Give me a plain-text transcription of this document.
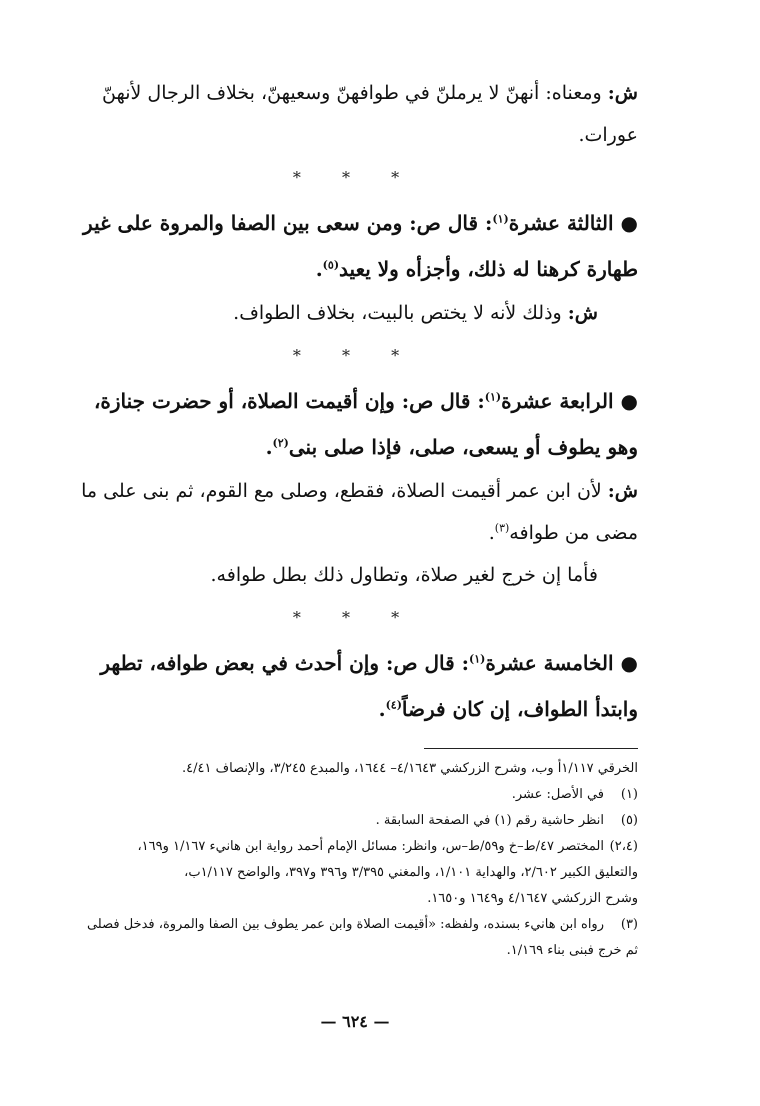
ش: ومعناه: أنهنّ لا يرملنّ في طوافهنّ وسعيهنّ، بخلاف الرجال لأنهنّ عورات.

* * *

● الثالثة عشرة$^{(١)}$: قال ص: ومن سعى بين الصفا والمروة على غير طهارة كرهنا له ذلك، وأجزأه ولا يعيد$^{(٥)}$.

ش: وذلك لأنه لا يختص بالبيت، بخلاف الطواف.

* * *

● الرابعة عشرة$^{(١)}$: قال ص: وإن أقيمت الصلاة، أو حضرت جنازة، وهو يطوف أو يسعى، صلى، فإذا صلى بنى$^{(٢)}$.

ش: لأن ابن عمر أقيمت الصلاة، فقطع، وصلى مع القوم، ثم بنى على ما مضى من طوافه$^{(٣)}$.

فأما إن خرج لغير صلاة، وتطاول ذلك بطل طوافه.

* * *

● الخامسة عشرة$^{(١)}$: قال ص: وإن أحدث في بعض طوافه، تطهر وابتدأ الطواف، إن كان فرضاً$^{(٤)}$.

الخرقي ١/١١٧أ وب، وشرح الزركشي ٤/١٦٤٣– ١٦٤٤، والمبدع ٣/٢٤٥، والإنصاف ٤/٤١.

(١)في الأصل: عشر.

(٥)انظر حاشية رقم (١) في الصفحة السابقة .

(٢،٤)المختصر ٤٧/ط–خ و٥٩/ط–س، وانظر: مسائل الإمام أحمد رواية ابن هانيء ١/١٦٧ و١٦٩،

والتعليق الكبير ٢/٦٠٢، والهداية ١/١٠١، والمغني ٣/٣٩٥ و٣٩٦ و٣٩٧، والواضح ١/١١٧ب،

وشرح الزركشي ٤/١٦٤٧ و١٦٤٩ و١٦٥٠.

(٣)رواه ابن هانيء بسنده، ولفظه: «أقيمت الصلاة وابن عمر يطوف بين الصفا والمروة، فدخل فصلى

ثم خرج فبنى بناء ١/١٦٩.

— ٦٢٤ —
